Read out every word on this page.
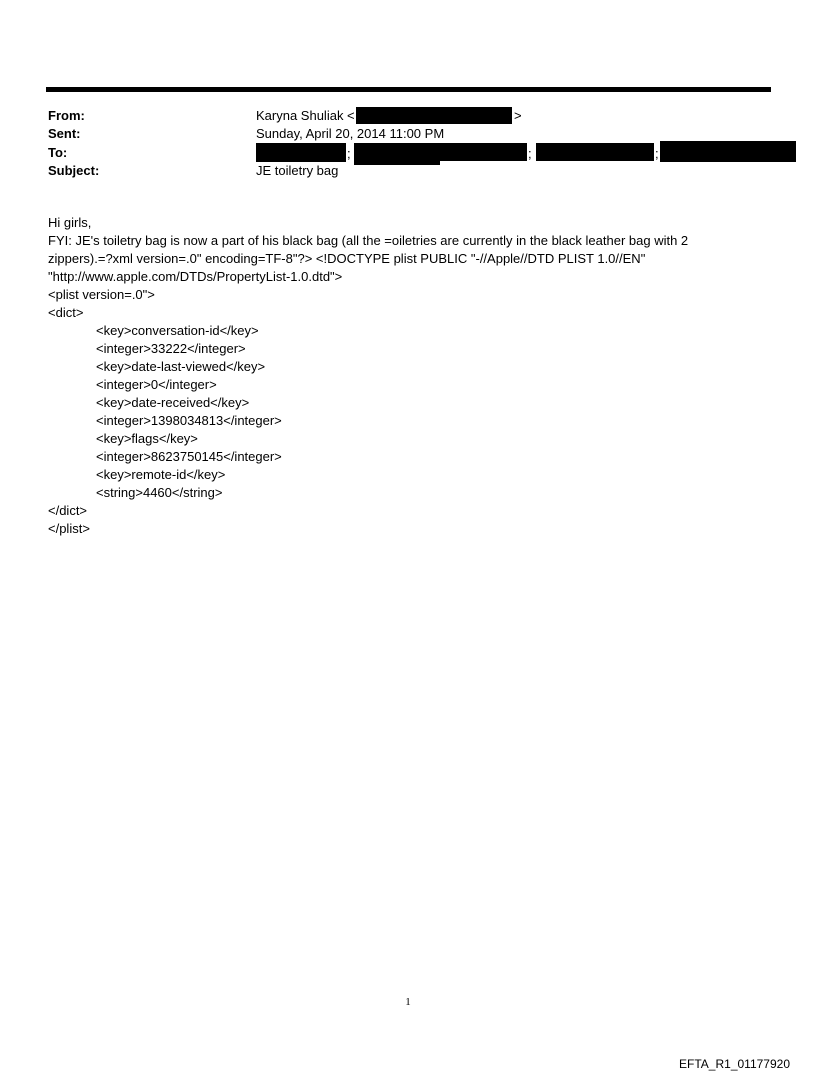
From:	Karyna Shuliak <	>
Sent:	Sunday, April 20, 2014 11:00 PM
To:	;	;	;
Subject:	JE toiletry bag
Hi girls,
FYI: JE's toiletry bag is now a part of his black bag (all the =oiletries are currently in the black leather bag with 2
zippers).=?xml version=.0" encoding=TF-8"?> <!DOCTYPE plist PUBLIC "-//Apple//DTD PLIST 1.0//EN"
"http://www.apple.com/DTDs/PropertyList-1.0.dtd">
<plist version=.0">
<dict>
<key>conversation-id</key>
<integer>33222</integer>
<key>date-last-viewed</key>
<integer>0</integer>
<key>date-received</key>
<integer>1398034813</integer>
<key>flags</key>
<integer>8623750145</integer>
<key>remote-id</key>
<string>4460</string>
</dict>
</plist>
1
EFTA_R1_01177920
